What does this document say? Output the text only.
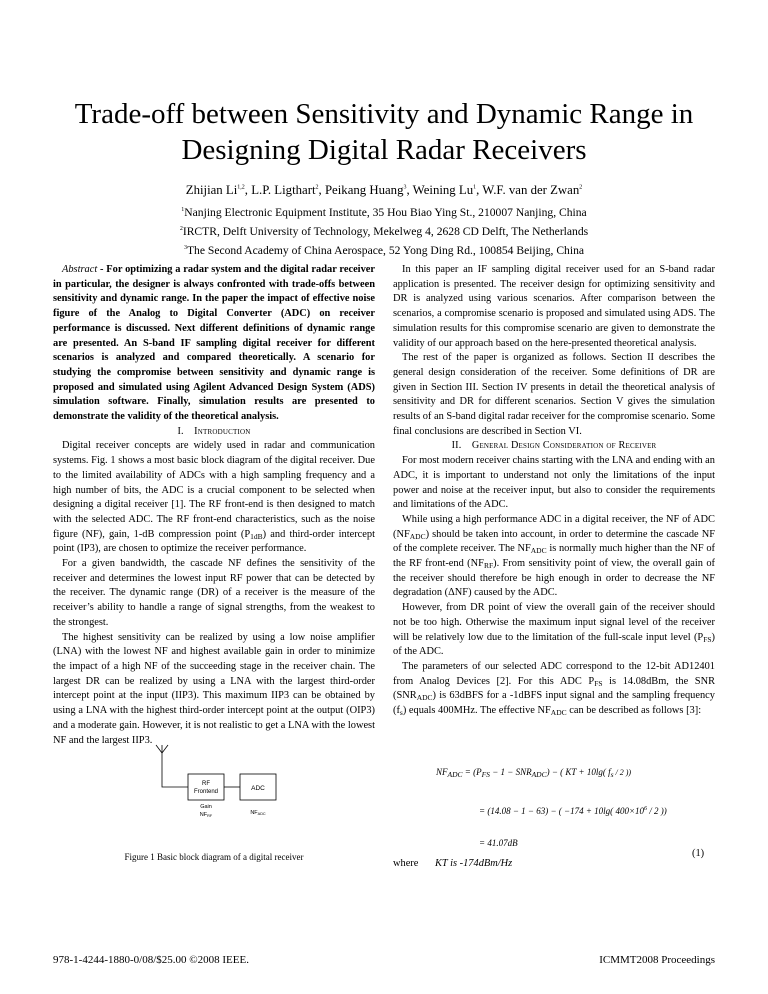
Trade-off between Sensitivity and Dynamic Range in
Designing Digital Radar Receivers
Zhijian Li$^{1,2}$, L.P. Ligthart$^2$, Peikang Huang$^3$, Weining Lu$^1$, W.F. van der Zwan$^2$
$^1$Nanjing Electronic Equipment Institute, 35 Hou Biao Ying St., 210007 Nanjing, China
$^2$IRCTR, Delft University of Technology, Mekelweg 4, 2628 CD Delft, The Netherlands
$^3$The Second Academy of China Aerospace, 52 Yong Ding Rd., 100854 Beijing, China

Abstract - For optimizing a radar system and the digital radar receiver in particular, the designer is always confronted with trade-offs between sensitivity and dynamic range. In the paper the impact of effective noise figure of the Analog to Digital Converter (ADC) on receiver performance is discussed. Next different definitions of dynamic range are presented. An S-band IF sampling digital receiver for different scenarios is analyzed and compared theoretically. A scenario for studying the compromise between sensitivity and dynamic range is proposed and simulated using Agilent Advanced Design System (ADS) simulation software. Finally, simulation results are presented to demonstrate the validity of the theoretical analysis.

I. Introduction

Digital receiver concepts are widely used in radar and communication systems. Fig. 1 shows a most basic block diagram of the digital receiver. Due to the limited availability of ADCs with a high sampling frequency and a high number of bits, the ADC is a crucial component to be selected when designing a digital receiver [1]. The RF front-end is then designed to match with the selected ADC. The RF front-end characteristics, such as the noise figure (NF), gain, 1-dB compression point $(P_{1dB})$ and third-order intercept point (IP3), are chosen to optimize the receiver performance.

For a given bandwidth, the cascade NF defines the sensitivity of the receiver and determines the lowest input RF power that can be detected by the receiver. The dynamic range (DR) of a receiver is the measure of the receiver’s ability to handle a range of signal strengths, from the weakest to the strongest.

The highest sensitivity can be realized by using a low noise amplifier (LNA) with the lowest NF and highest available gain in order to minimize the impact of a high NF of the succeeding stage in the receiver chain. The largest DR can be realized by using a LNA with the largest third-order intercept point at the input (IIP3). This maximum IIP3 can be obtained by using a LNA with the highest third-order intercept point at the output (OIP3) and a moderate gain. However, it is not realistic to get a LNA with the lowest NF and the largest IIP3.

RF
Frontend	ADC
Gain
NFRF	NFADC
Figure 1 Basic block diagram of a digital receiver

In this paper an IF sampling digital receiver used for an S-band radar application is presented. The receiver design for optimizing sensitivity and DR is analyzed using various scenarios. After comparison between the scenarios, a compromise scenario is proposed and simulated using ADS. The simulation results for this compromise scenario are given to demonstrate the validity of our approach based on the here-presented theoretical analysis.

The rest of the paper is organized as follows. Section II describes the general design consideration of the receiver. Some definitions of DR are given in Section III. Section IV presents in detail the theoretical analysis of sensitivity and DR for different scenarios. Section V gives the simulation results of an S-band digital radar receiver for the compromise scenario. Some final conclusions are described in Section VI.

II. General Design Consideration of Receiver

For most modern receiver chains starting with the LNA and ending with an ADC, it is important to understand not only the limitations of the input power and noise at the receiver input, but also to consider the requirements and limitations of the ADC.

While using a high performance ADC in a digital receiver, the NF of ADC $(NF_{ADC})$ should be taken into account, in order to determine the cascade NF of the complete receiver. The $NF_{ADC}$ is normally much higher than the NF of the RF front-end $(NF_{RF})$. From sensitivity point of view, the overall gain of the receiver should therefore be high enough in order to decrease the NF degradation (ΔNF) caused by the ADC.

However, from DR point of view the overall gain of the receiver should not be too high. Otherwise the maximum input signal level of the receiver will be relatively low due to the limitation of the full-scale input level $(P_{FS})$ of the ADC.

The parameters of our selected ADC correspond to the 12-bit AD12401 from Analog Devices [2]. For this ADC $P_{FS}$ is 14.08dBm, the SNR $(SNR_{ADC})$ is 63dBFS for a -1dBFS input signal and the sampling frequency $(f_s)$ equals 400MHz. The effective $NF_{ADC}$ can be described as follows [3]:

$NF_{ADC} = (P_{FS} - 1 - SNR_{ADC})$ − ( KT + 10lg( $f_s / 2$ ))
= (14.08 − 1 − 63) − ( −174 + 10lg( $400\times 10^6 / 2$ ))
= 41.07dB
(1)
where KT is -174dBm/Hz
978-1-4244-1880-0/08/$25.00 ©2008 IEEE.	ICMMT2008 Proceedings
